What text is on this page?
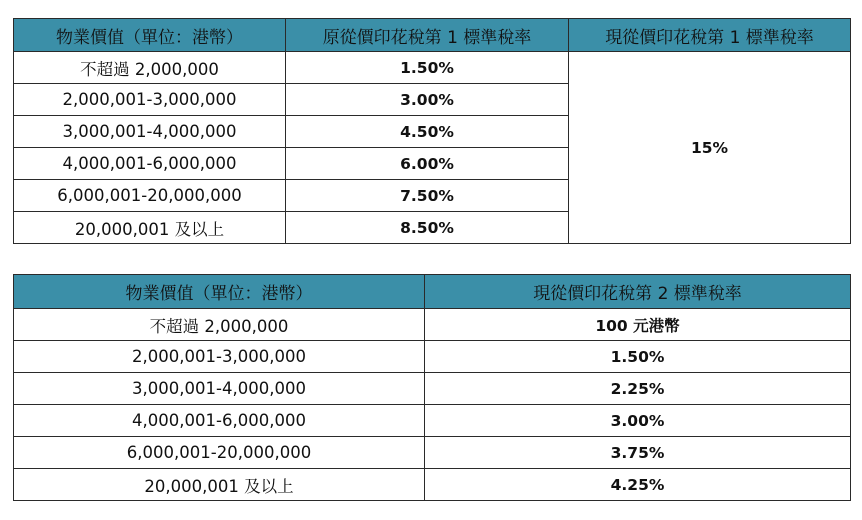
物業價值（單位：港幣）	原從價印花稅第 1 標準稅率	現從價印花稅第 1 標準稅率
不超過 2,000,000	1.50%	15%
2,000,001-3,000,000	3.00%	
3,000,001-4,000,000	4.50%	
4,000,001-6,000,000	6.00%	
6,000,001-20,000,000	7.50%	
20,000,001 及以上	8.50%	
物業價值（單位：港幣）	現從價印花稅第 2 標準稅率
不超過 2,000,000	100 元港幣
2,000,001-3,000,000	1.50%
3,000,001-4,000,000	2.25%
4,000,001-6,000,000	3.00%
6,000,001-20,000,000	3.75%
20,000,001 及以上	4.25%
